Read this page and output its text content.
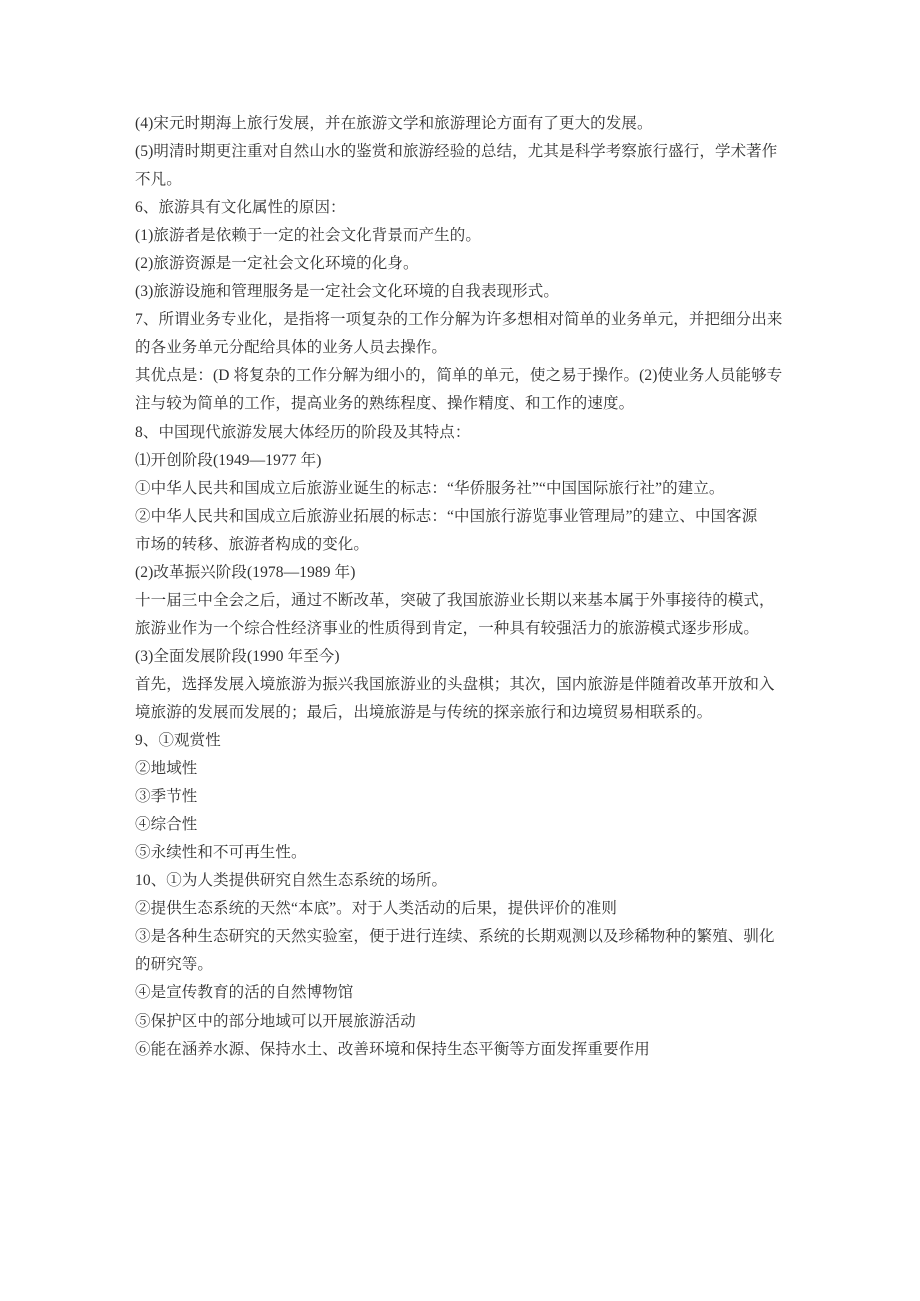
(4)宋元时期海上旅行发展，并在旅游文学和旅游理论方面有了更大的发展。
(5)明清时期更注重对自然山水的鉴赏和旅游经验的总结，尤其是科学考察旅行盛行，学术著作
不凡。
6、旅游具有文化属性的原因：
(1)旅游者是依赖于一定的社会文化背景而产生的。
(2)旅游资源是一定社会文化环境的化身。
(3)旅游设施和管理服务是一定社会文化环境的自我表现形式。
7、所谓业务专业化，是指将一项复杂的工作分解为许多想相对简单的业务单元，并把细分出来
的各业务单元分配给具体的业务人员去操作。
其优点是：(D 将复杂的工作分解为细小的，简单的单元，使之易于操作。(2)使业务人员能够专
注与较为简单的工作，提高业务的熟练程度、操作精度、和工作的速度。
8、中国现代旅游发展大体经历的阶段及其特点：
⑴开创阶段(1949—1977 年)
①中华人民共和国成立后旅游业诞生的标志：“华侨服务社”“中国国际旅行社”的建立。
②中华人民共和国成立后旅游业拓展的标志：“中国旅行游览事业管理局”的建立、中国客源
市场的转移、旅游者构成的变化。
(2)改革振兴阶段(1978—1989 年)
十一届三中全会之后，通过不断改革，突破了我国旅游业长期以来基本属于外事接待的模式，
旅游业作为一个综合性经济事业的性质得到肯定，一种具有较强活力的旅游模式逐步形成。
(3)全面发展阶段(1990 年至今)
首先，选择发展入境旅游为振兴我国旅游业的头盘棋；其次，国内旅游是伴随着改革开放和入
境旅游的发展而发展的；最后，出境旅游是与传统的探亲旅行和边境贸易相联系的。
9、①观赏性
②地域性
③季节性
④综合性
⑤永续性和不可再生性。
10、①为人类提供研究自然生态系统的场所。
②提供生态系统的天然“本底”。对于人类活动的后果，提供评价的准则
③是各种生态研究的天然实验室，便于进行连续、系统的长期观测以及珍稀物种的繁殖、驯化
的研究等。
④是宣传教育的活的自然博物馆
⑤保护区中的部分地域可以开展旅游活动
⑥能在涵养水源、保持水土、改善环境和保持生态平衡等方面发挥重要作用
